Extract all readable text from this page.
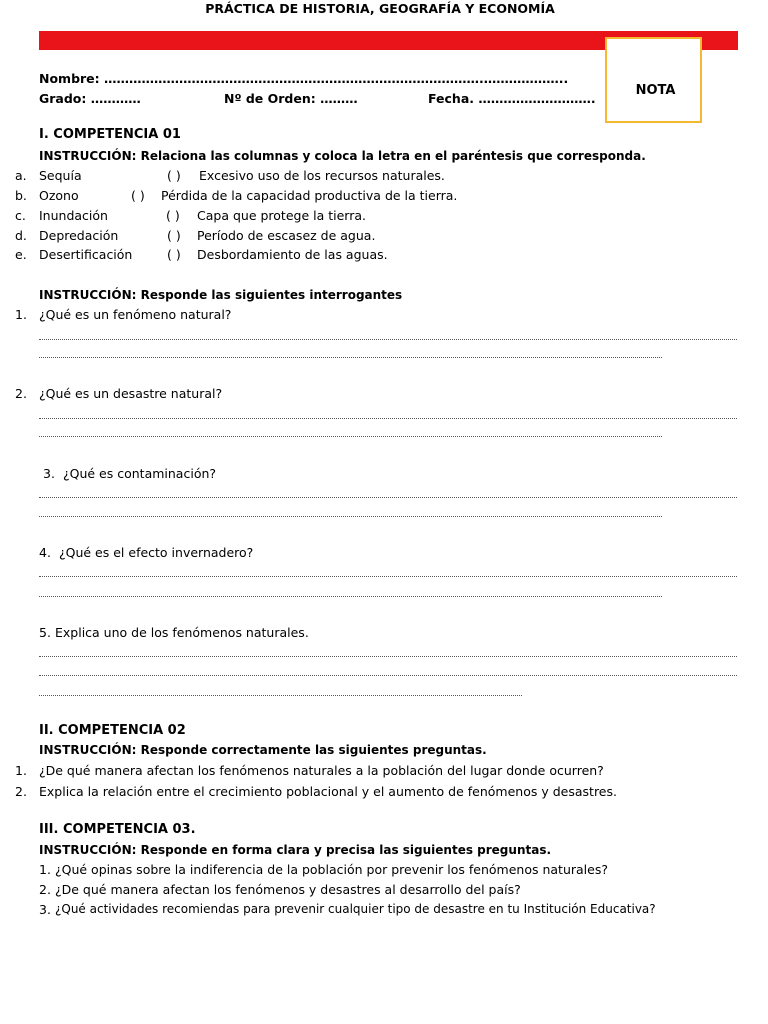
PRÁCTICA DE HISTORIA, GEOGRAFÍA Y ECONOMÍA
NOTA
Nombre: ……………………………………………………………………………….………………..
Grado: …………	Nº de Orden: ………	Fecha. ……………………….
I. COMPETENCIA 01
INSTRUCCIÓN: Relaciona las columnas y coloca la letra en el paréntesis que corresponda.
a. Sequía	( ) Excesivo uso de los recursos naturales.
b. Ozono	( ) Pérdida de la capacidad productiva de la tierra.
c. Inundación	( ) Capa que protege la tierra.
d. Depredación	( ) Período de escasez de agua.
e. Desertificación	( ) Desbordamiento de las aguas.
INSTRUCCIÓN: Responde las siguientes interrogantes
1. ¿Qué es un fenómeno natural?
2. ¿Qué es un desastre natural?
3. ¿Qué es contaminación?
4. ¿Qué es el efecto invernadero?
5. Explica uno de los fenómenos naturales.
II. COMPETENCIA 02
INSTRUCCIÓN: Responde correctamente las siguientes preguntas.
1. ¿De qué manera afectan los fenómenos naturales a la población del lugar donde ocurren?
2. Explica la relación entre el crecimiento poblacional y el aumento de fenómenos y desastres.
III. COMPETENCIA 03.
INSTRUCCIÓN: Responde en forma clara y precisa las siguientes preguntas.
1. ¿Qué opinas sobre la indiferencia de la población por prevenir los fenómenos naturales?
2. ¿De qué manera afectan los fenómenos y desastres al desarrollo del país?
3. ¿Qué actividades recomiendas para prevenir cualquier tipo de desastre en tu Institución Educativa?
